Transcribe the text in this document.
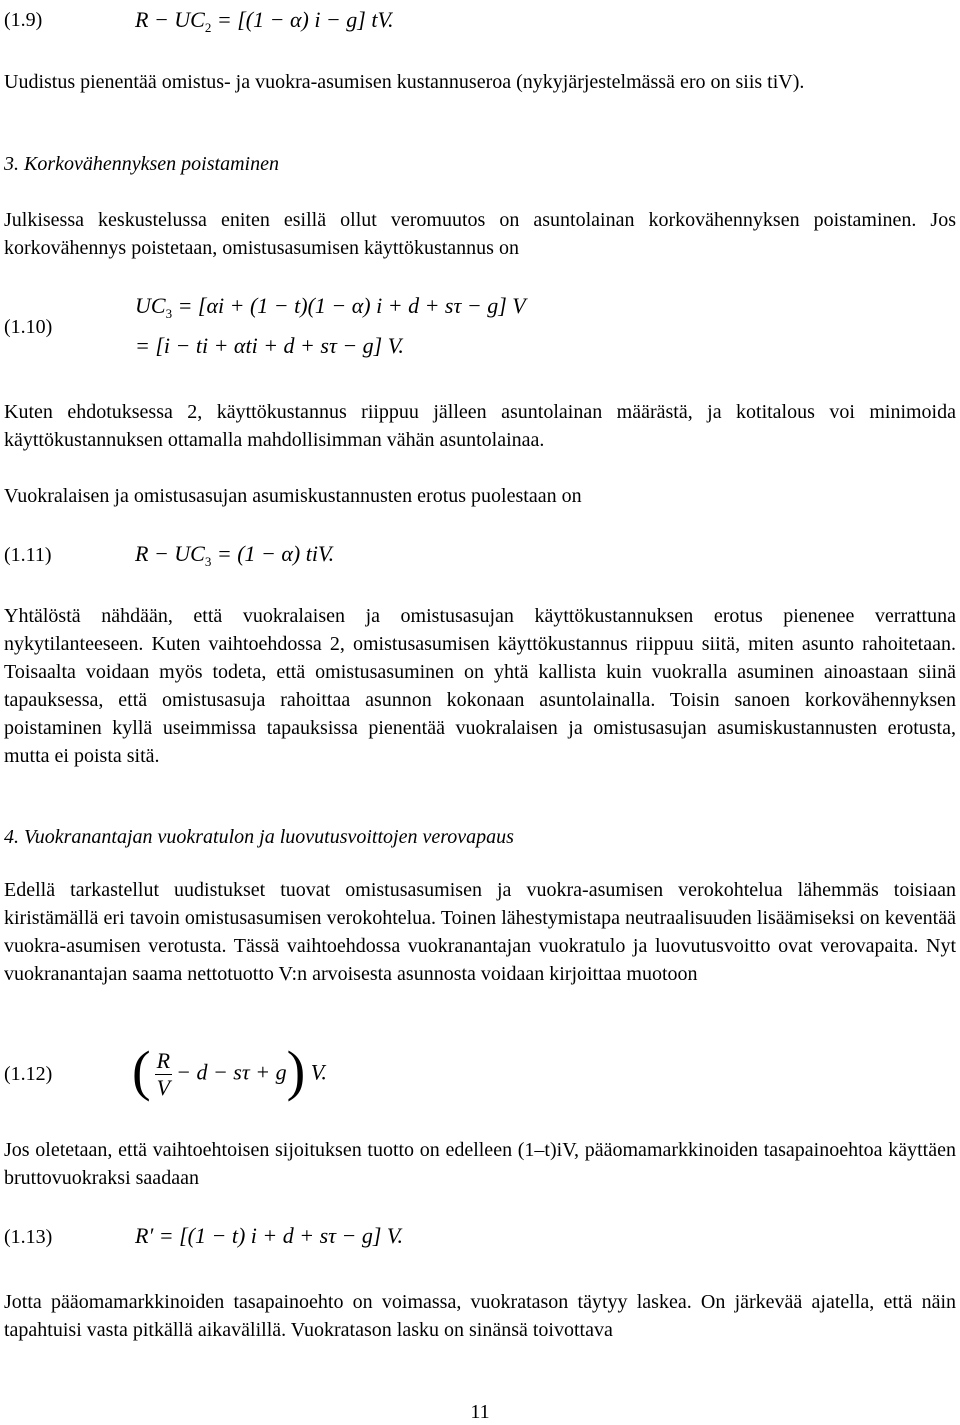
(1.9)	$R - UC_2 = [(1 - \alpha) i - g]$ tV.

Uudistus pienentää omistus- ja vuokra-asumisen kustannuseroa (nykyjärjestelmässä ero on siis tiV).

3. Korkovähennyksen poistaminen

Julkisessa keskustelussa eniten esillä ollut veromuutos on asuntolainan korkovähennyksen poistaminen. Jos korkovähennys poistetaan, omistusasumisen käyttökustannus on

(1.10)
$UC_3 = [\alpha i + (1 - t)(1 - \alpha) i + d + s\tau - g]$ V
= [i − ti + αti + d + sτ − g] V.

Kuten ehdotuksessa 2, käyttökustannus riippuu jälleen asuntolainan määrästä, ja kotitalous voi minimoida käyttökustannuksen ottamalla mahdollisimman vähän asuntolainaa.

Vuokralaisen ja omistusasujan asumiskustannusten erotus puolestaan on

(1.11)	$R - UC_3 = (1 - \alpha)$ tiV.

Yhtälöstä nähdään, että vuokralaisen ja omistusasujan käyttökustannuksen erotus pienenee verrattuna nykytilanteeseen. Kuten vaihtoehdossa 2, omistusasumisen käyttökustannus riippuu siitä, miten asunto rahoitetaan. Toisaalta voidaan myös todeta, että omistusasuminen on yhtä kallista kuin vuokralla asuminen ainoastaan siinä tapauksessa, että omistusasuja rahoittaa asunnon kokonaan asuntolainalla. Toisin sanoen korkovähennyksen poistaminen kyllä useimmissa tapauksissa pienentää vuokralaisen ja omistusasujan asumiskustannusten erotusta, mutta ei poista sitä.

4. Vuokranantajan vuokratulon ja luovutusvoittojen verovapaus

Edellä tarkastellut uudistukset tuovat omistusasumisen ja vuokra-asumisen verokohtelua lähemmäs toisiaan kiristämällä eri tavoin omistusasumisen verokohtelua. Toinen lähestymistapa neutraalisuuden lisäämiseksi on keventää vuokra-asumisen verotusta. Tässä vaihtoehdossa vuokranantajan vuokratulo ja luovutusvoitto ovat verovapaita. Nyt vuokranantajan saama nettotuotto V:n arvoisesta asunnosta voidaan kirjoittaa muotoon

(1.12) ( $\frac{R}{V} - d - s\tau + g$) V.

Jos oletetaan, että vaihtoehtoisen sijoituksen tuotto on edelleen (1–t)iV, pääomamarkkinoiden tasapainoehtoa käyttäen bruttovuokraksi saadaan

(1.13)	R′ = [(1 − t) i + d + sτ − g] V.

Jotta pääomamarkkinoiden tasapainoehto on voimassa, vuokratason täytyy laskea. On järkevää ajatella, että näin tapahtuisi vasta pitkällä aikavälillä. Vuokratason lasku on sinänsä toivottava

11
